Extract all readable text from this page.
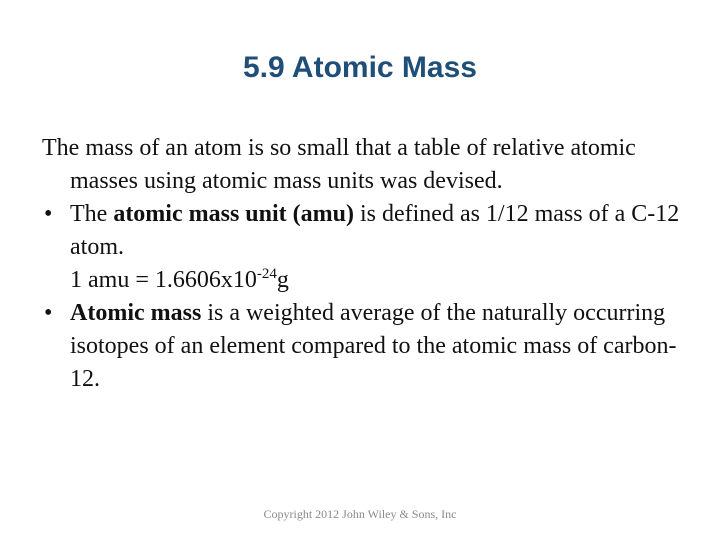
5.9 Atomic Mass

The mass of an atom is so small that a table of relative atomic masses using atomic mass units was devised.

• The atomic mass unit (amu) is defined as 1/12 mass of a C-12 atom.

1 amu = $1.6606x10^{-24}g$

• Atomic mass is a weighted average of the naturally occurring isotopes of an element compared to the atomic mass of carbon-12.

Copyright 2012 John Wiley & Sons, Inc
